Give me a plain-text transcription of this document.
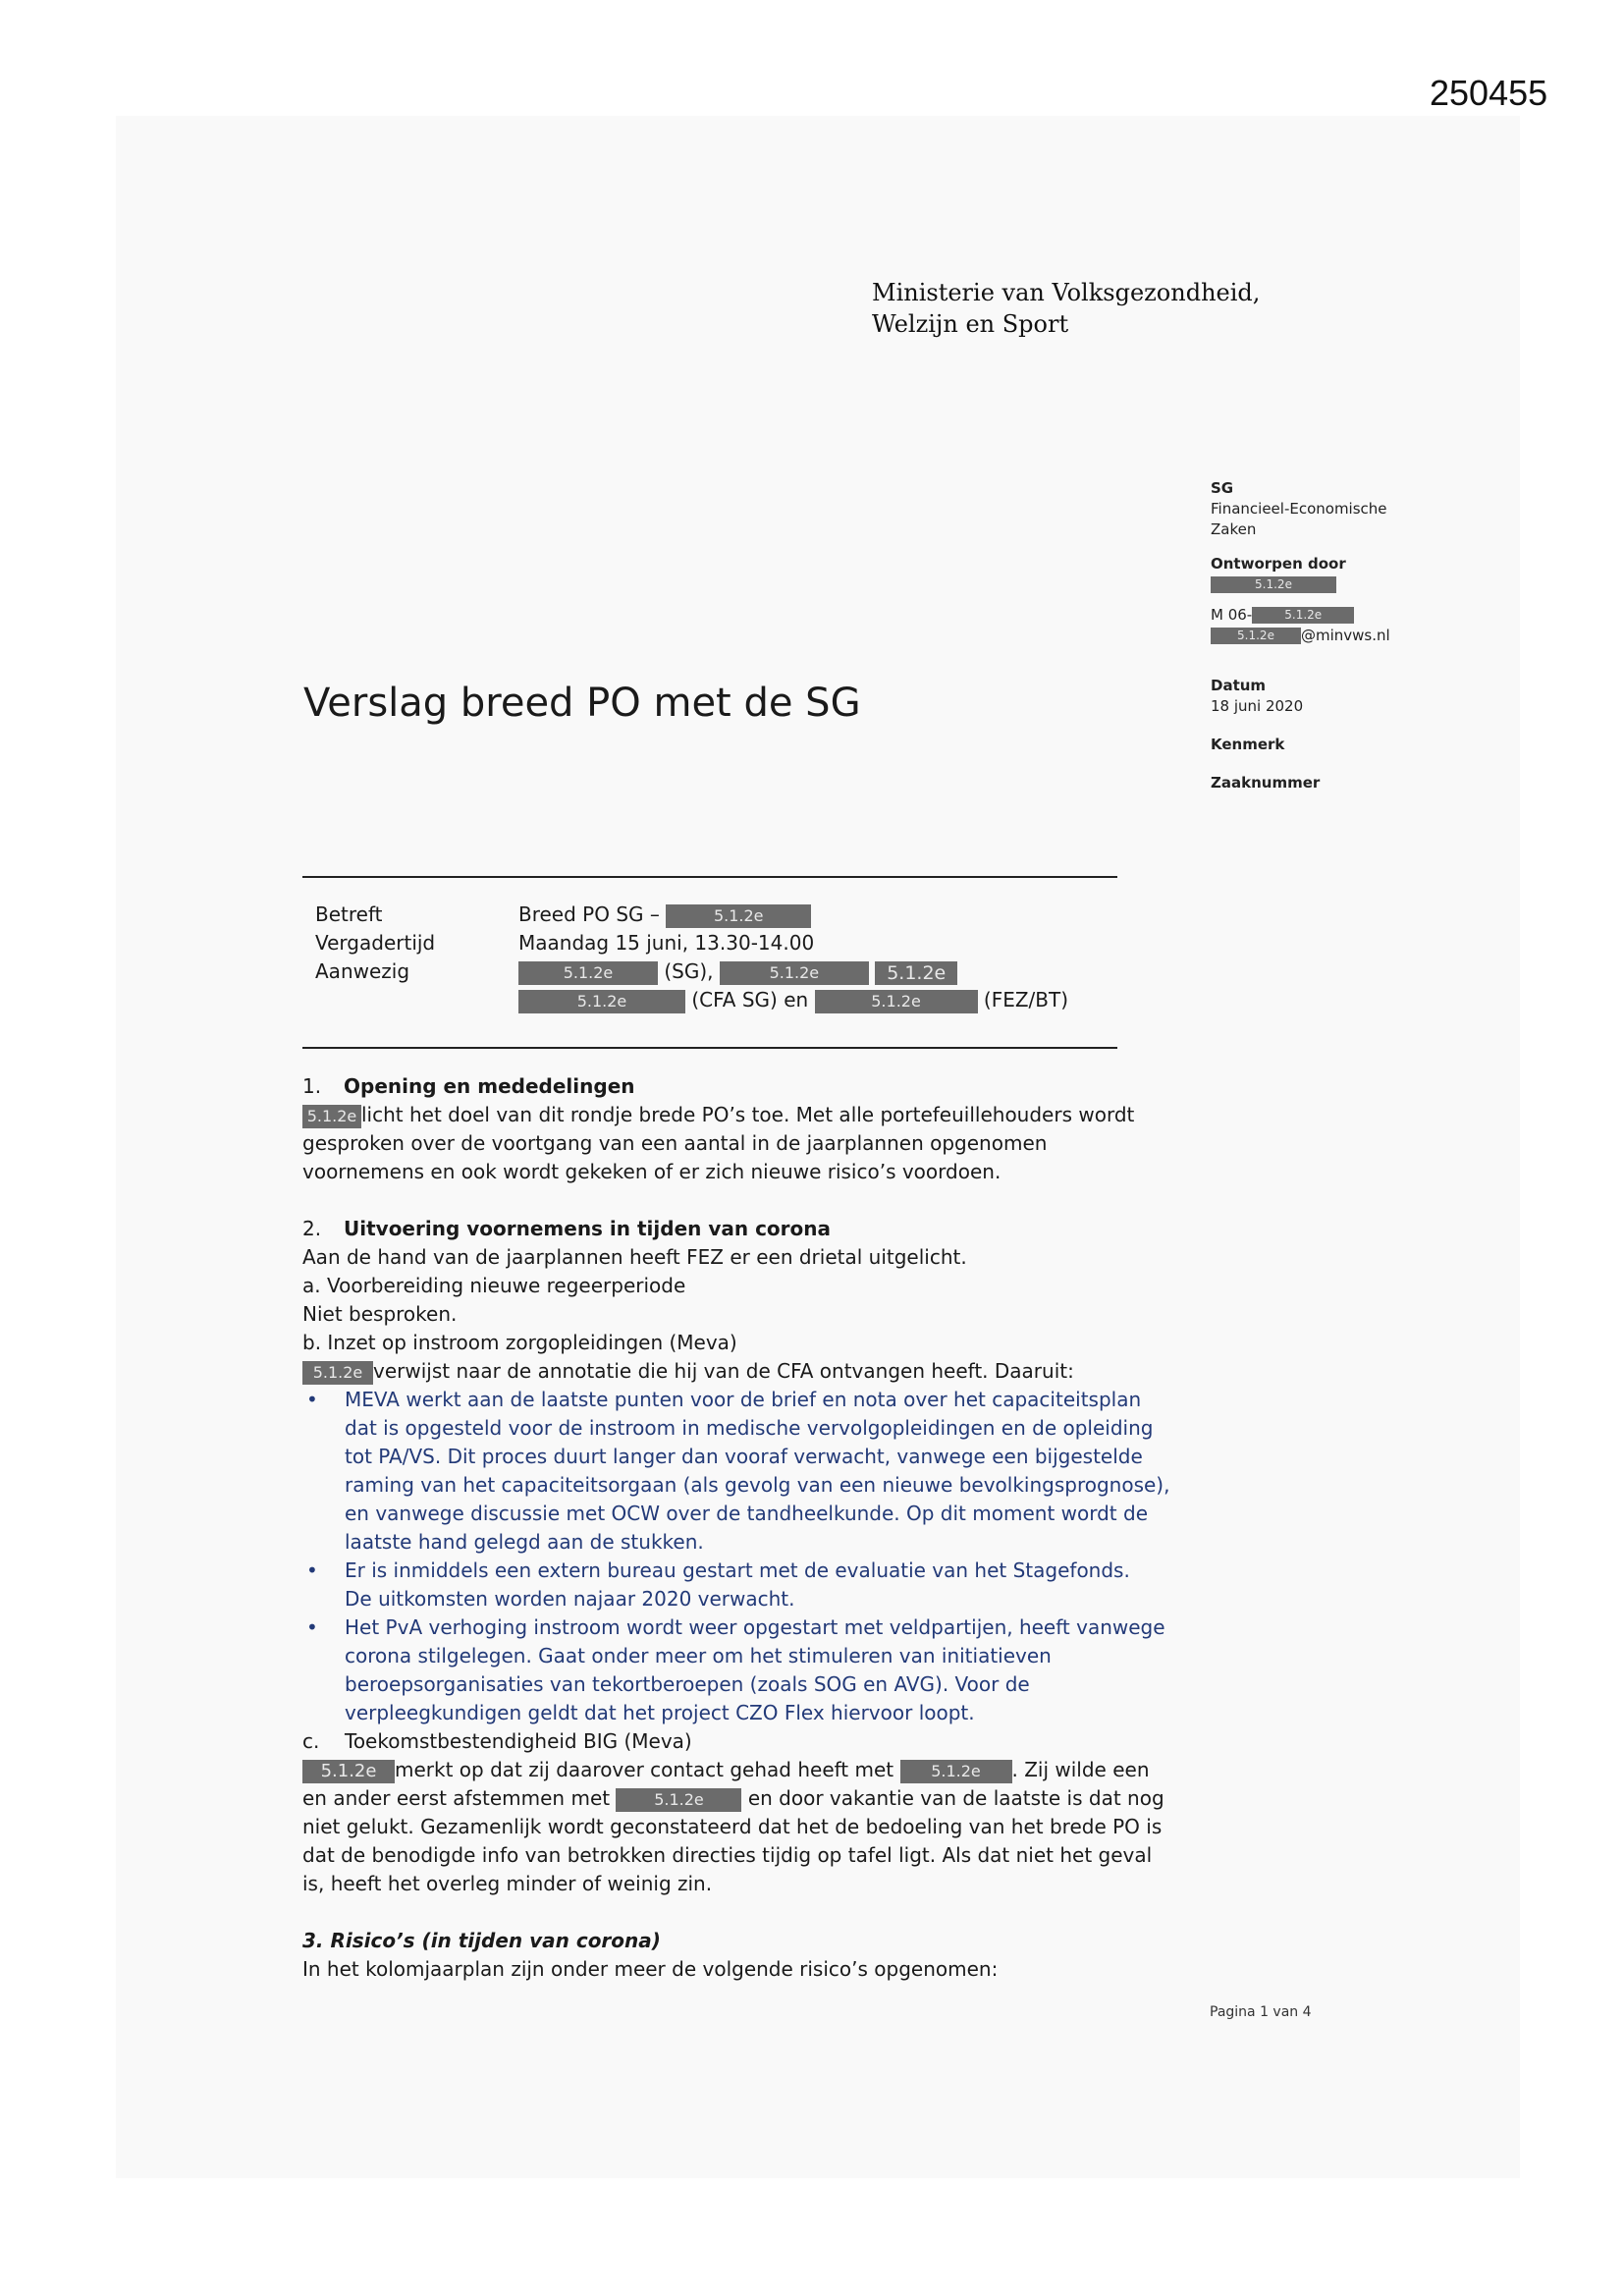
250455
Ministerie van Volksgezondheid,
Welzijn en Sport
SG
Financieel-Economische
Zaken
Ontworpen door
5.1.2e
M 06-	5.1.2e
5.1.2e @minvws.nl
Datum
18 juni 2020
Kenmerk
Zaaknummer
Verslag breed PO met de SG
Betreft	Breed PO SG –	5.1.2e
Vergadertijd	Maandag 15 juni, 13.30-14.00
Aanwezig	5.1.2e	(SG),	5.1.2e	5.1.2e
5.1.2e	(CFA SG) en	5.1.2e	(FEZ/BT)

1. Opening en mededelingen

5.1.2e licht het doel van dit rondje brede PO’s toe. Met alle portefeuillehouders wordt

gesproken over de voortgang van een aantal in de jaarplannen opgenomen

voornemens en ook wordt gekeken of er zich nieuwe risico’s voordoen.

2. Uitvoering voornemens in tijden van corona

Aan de hand van de jaarplannen heeft FEZ er een drietal uitgelicht.

a. Voorbereiding nieuwe regeerperiode

Niet besproken.

b. Inzet op instroom zorgopleidingen (Meva)

5.1.2e verwijst naar de annotatie die hij van de CFA ontvangen heeft. Daaruit:

• MEVA werkt aan de laatste punten voor de brief en nota over het capaciteitsplan
dat is opgesteld voor de instroom in medische vervolgopleidingen en de opleiding
tot PA/VS. Dit proces duurt langer dan vooraf verwacht, vanwege een bijgestelde
raming van het capaciteitsorgaan (als gevolg van een nieuwe bevolkingsprognose),
en vanwege discussie met OCW over de tandheelkunde. Op dit moment wordt de
laatste hand gelegd aan de stukken.
• Er is inmiddels een extern bureau gestart met de evaluatie van het Stagefonds.
De uitkomsten worden najaar 2020 verwacht.
• Het PvA verhoging instroom wordt weer opgestart met veldpartijen, heeft vanwege
corona stilgelegen. Gaat onder meer om het stimuleren van initiatieven
beroepsorganisaties van tekortberoepen (zoals SOG en AVG). Voor de
verpleegkundigen geldt dat het project CZO Flex hiervoor loopt.

c. Toekomstbestendigheid BIG (Meva)

5.1.2e merkt op dat zij daarover contact gehad heeft met 5.1.2e . Zij wilde een

en ander eerst afstemmen met	5.1.2e en door vakantie van de laatste is dat nog

niet gelukt. Gezamenlijk wordt geconstateerd dat het de bedoeling van het brede PO is

dat de benodigde info van betrokken directies tijdig op tafel ligt. Als dat niet het geval

is, heeft het overleg minder of weinig zin.

3. Risico’s (in tijden van corona)

In het kolomjaarplan zijn onder meer de volgende risico’s opgenomen:

Pagina 1 van 4
